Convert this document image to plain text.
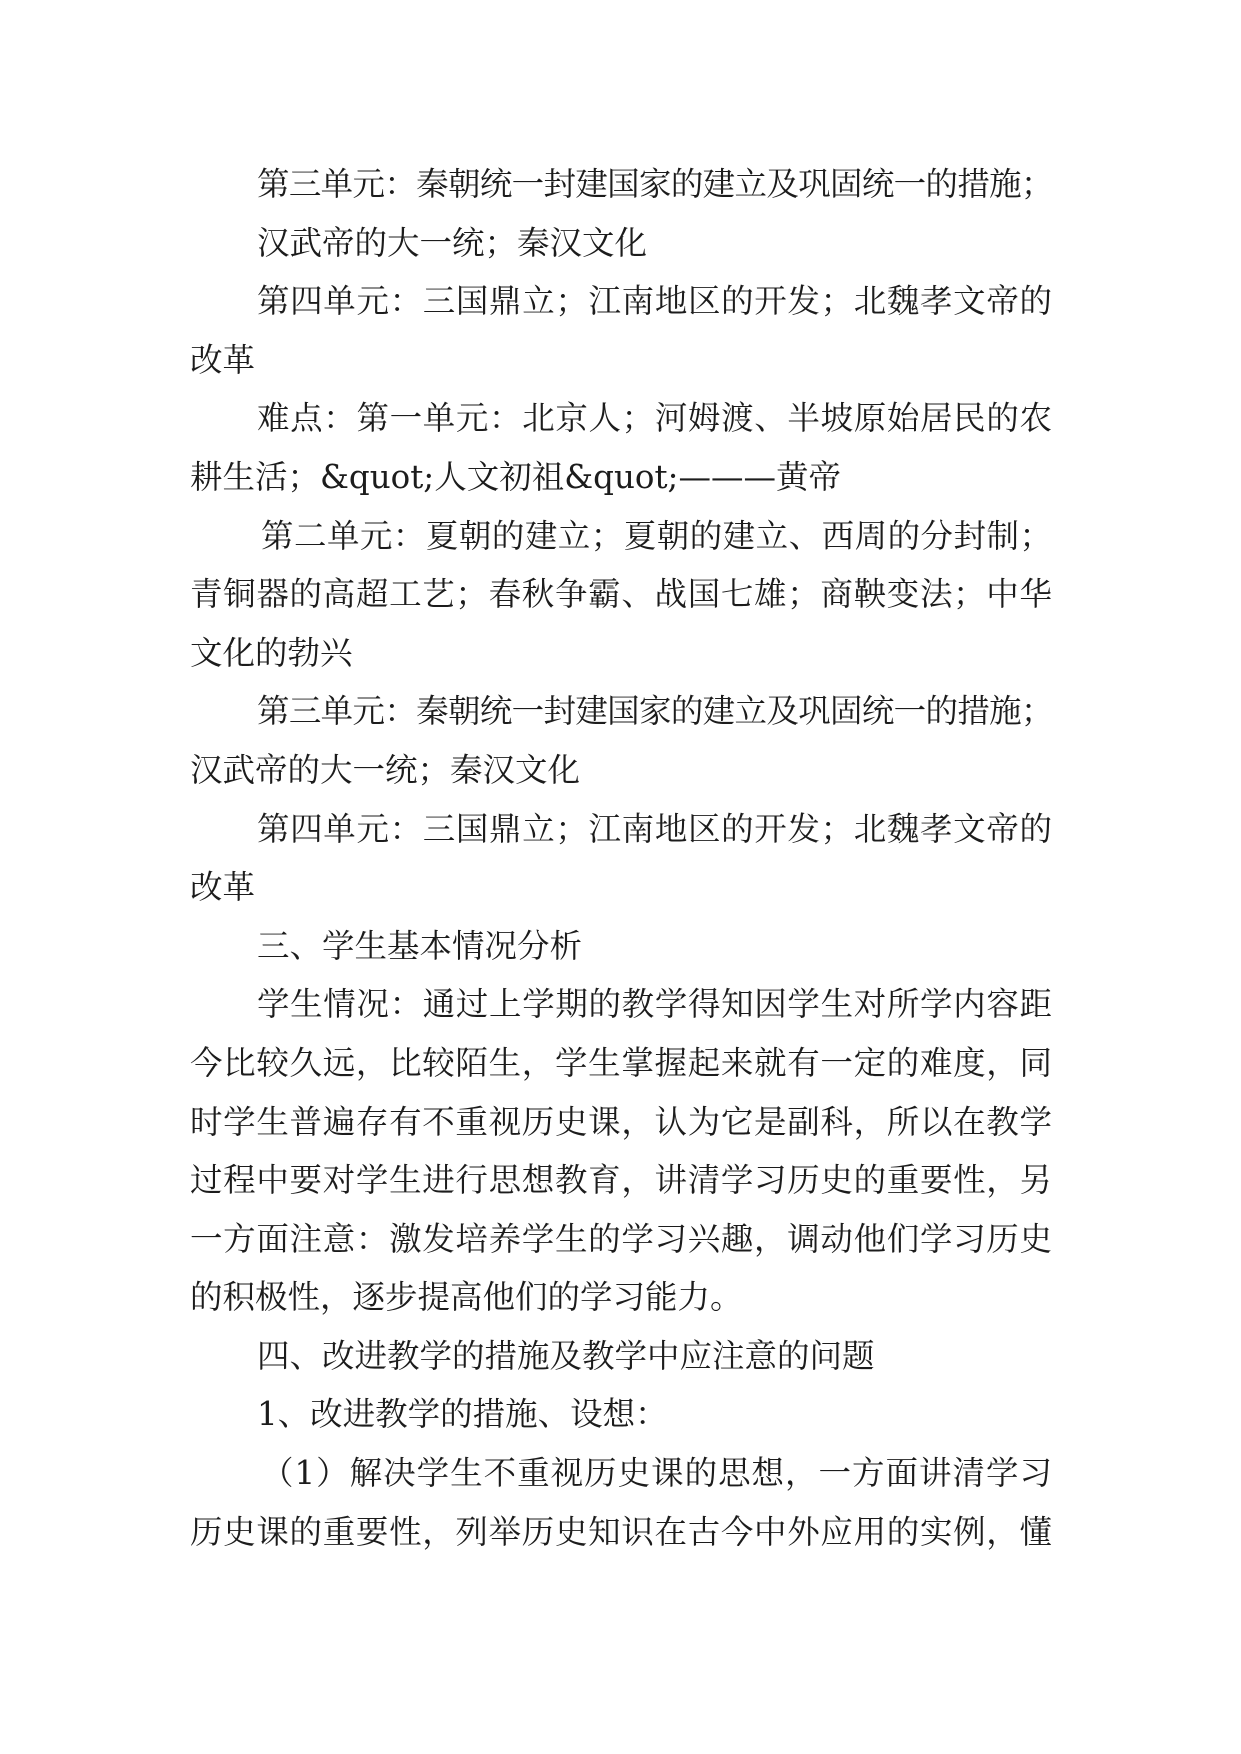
第三单元：秦朝统一封建国家的建立及巩固统一的措施；
汉武帝的大一统；秦汉文化
第四单元：三国鼎立；江南地区的开发；北魏孝文帝的
改革
难点：第一单元：北京人；河姆渡、半坡原始居民的农
耕生活；&quot;人文初祖&quot;———黄帝
第二单元：夏朝的建立；夏朝的建立、西周的分封制；
青铜器的高超工艺；春秋争霸、战国七雄；商鞅变法；中华
文化的勃兴
第三单元：秦朝统一封建国家的建立及巩固统一的措施；
汉武帝的大一统；秦汉文化
第四单元：三国鼎立；江南地区的开发；北魏孝文帝的
改革
三、学生基本情况分析
学生情况：通过上学期的教学得知因学生对所学内容距
今比较久远，比较陌生，学生掌握起来就有一定的难度，同
时学生普遍存有不重视历史课，认为它是副科，所以在教学
过程中要对学生进行思想教育，讲清学习历史的重要性，另
一方面注意：激发培养学生的学习兴趣，调动他们学习历史
的积极性，逐步提高他们的学习能力。
四、改进教学的措施及教学中应注意的问题
1、改进教学的措施、设想：
（1）解决学生不重视历史课的思想，一方面讲清学习
历史课的重要性，列举历史知识在古今中外应用的实例，懂
